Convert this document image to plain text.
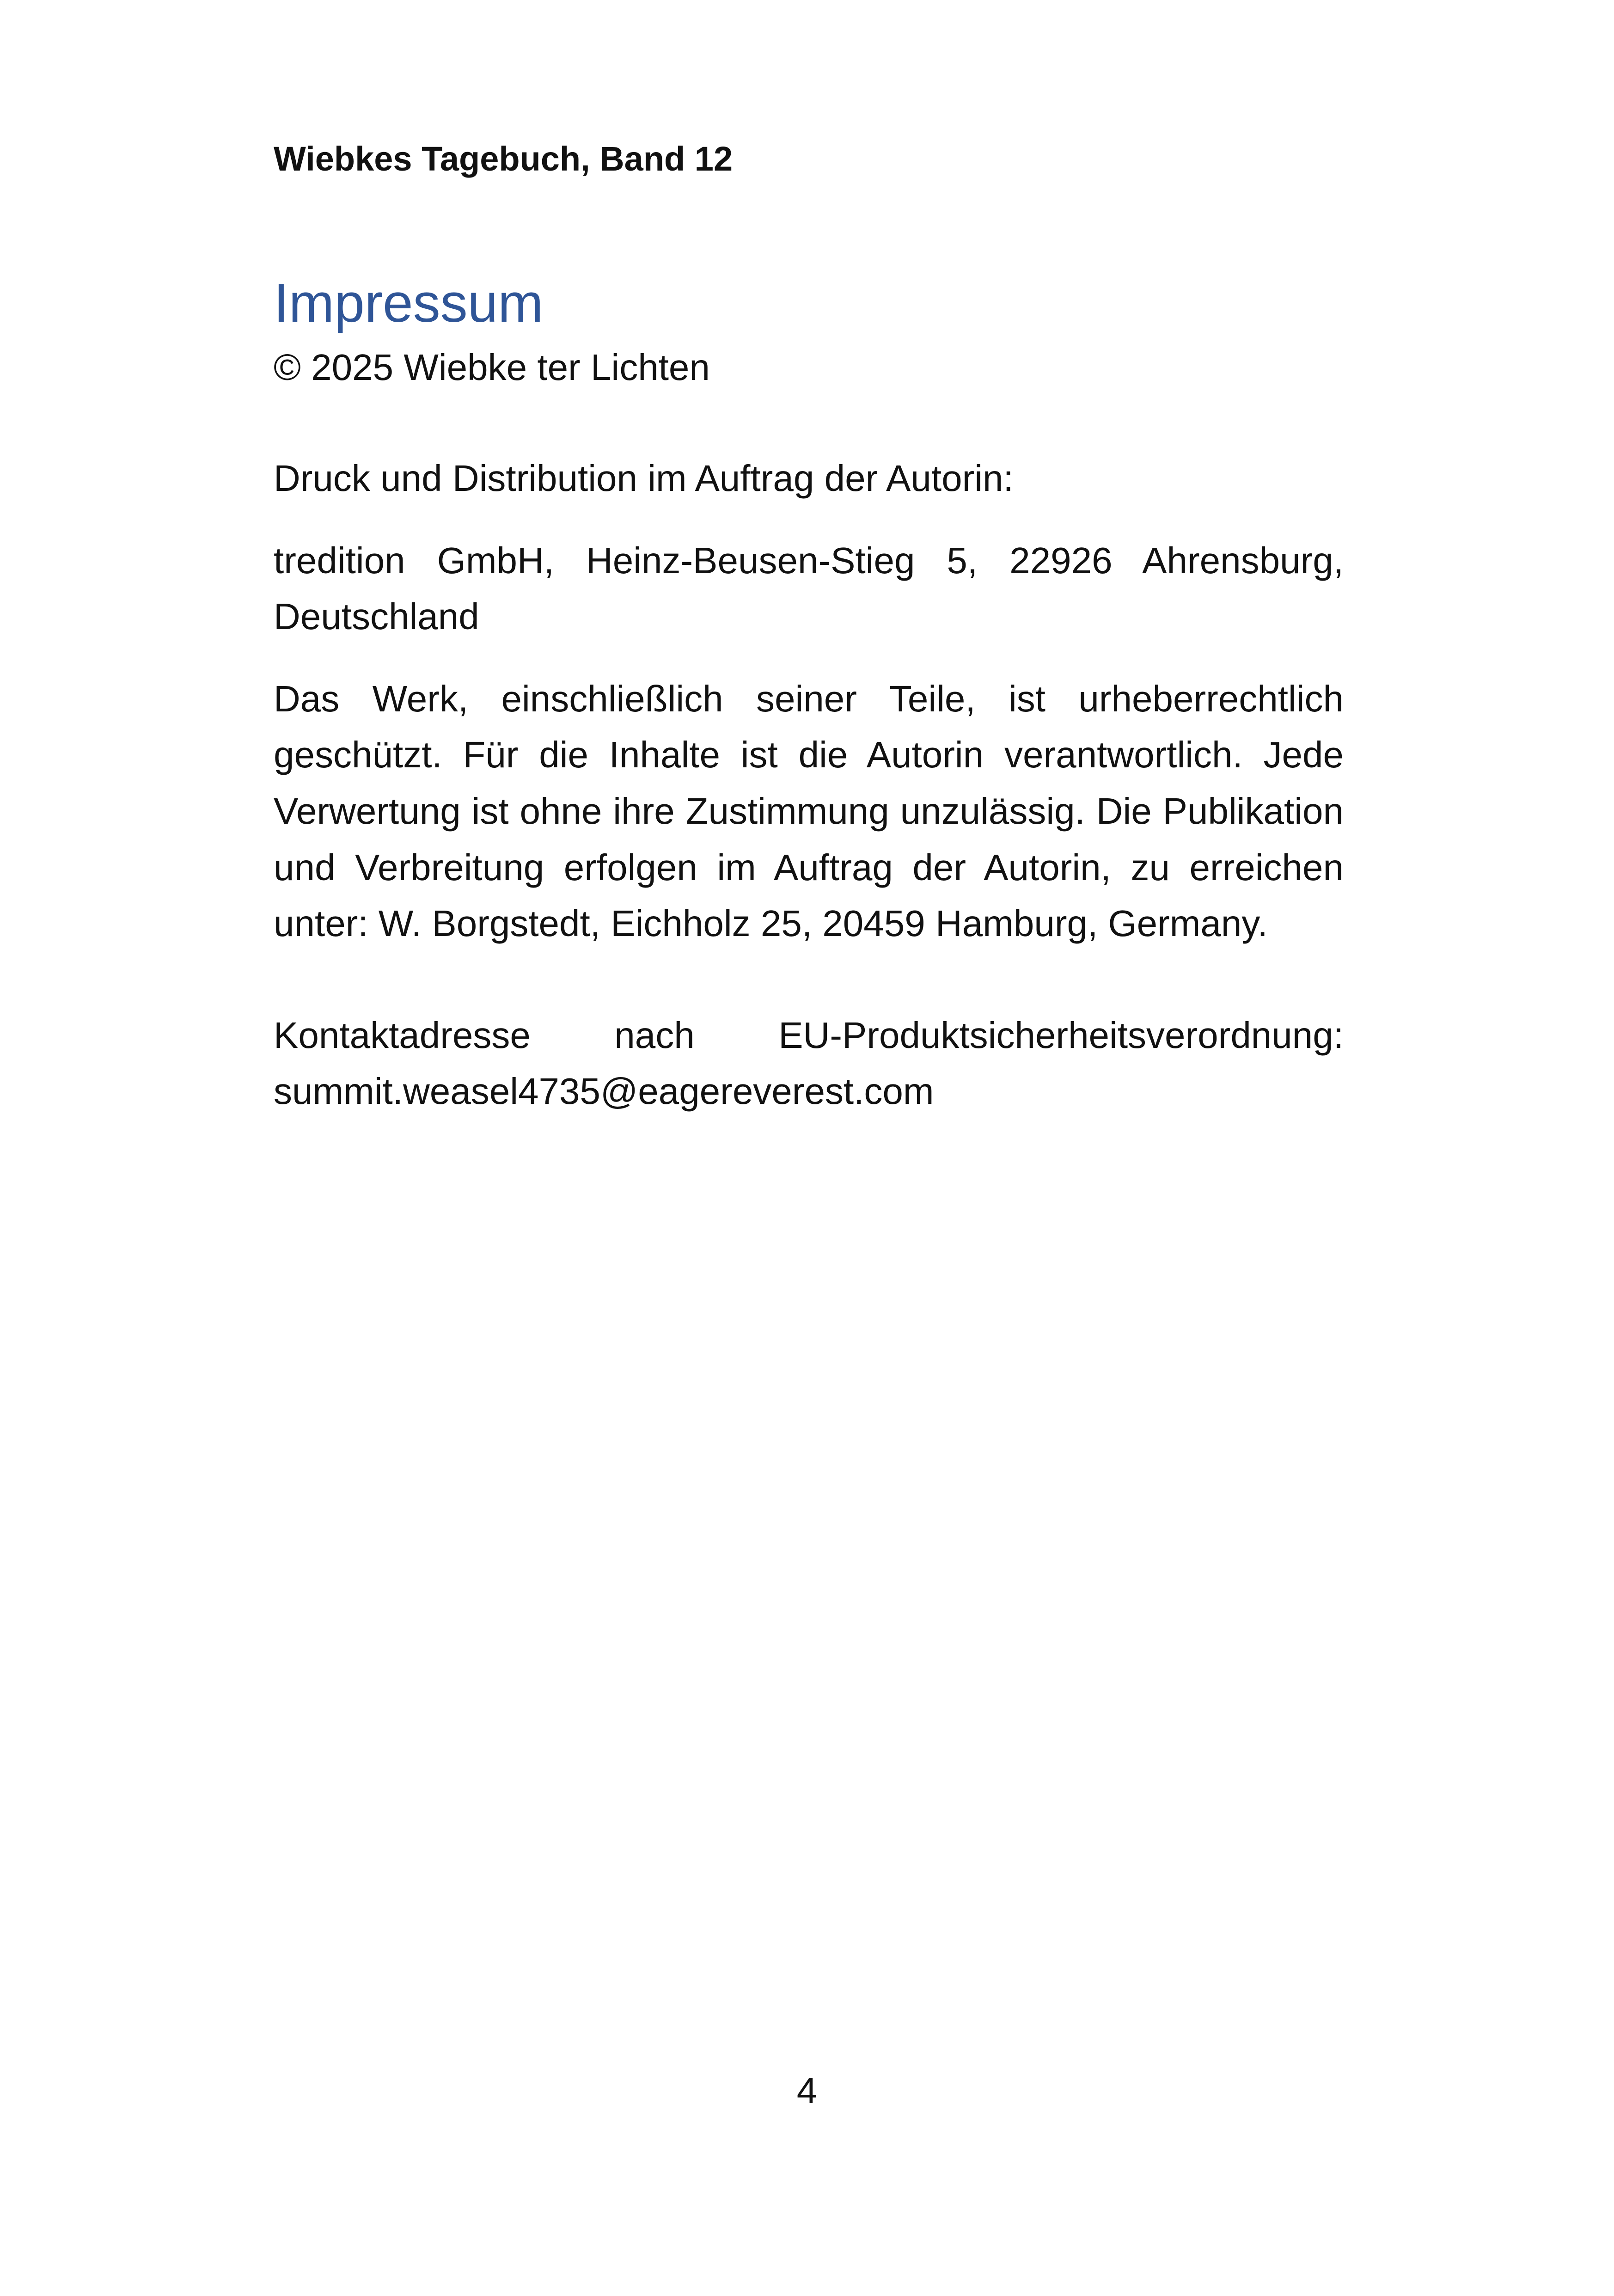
Wiebkes Tagebuch, Band 12

Impressum

© 2025 Wiebke ter Lichten

Druck und Distribution im Auftrag der Autorin:

tredition GmbH, Heinz-Beusen-Stieg 5, 22926 Ahrensburg, Deutschland

Das Werk, einschließlich seiner Teile, ist urheberrechtlich geschützt. Für die Inhalte ist die Autorin verantwortlich. Jede Verwertung ist ohne ihre Zustimmung unzulässig. Die Publikation und Verbreitung erfolgen im Auftrag der Autorin, zu erreichen unter: W. Borgstedt, Eichholz 25, 20459 Hamburg, Germany.

Kontaktadresse nach EU-Produktsicherheitsverordnung: summit.weasel4735@eagereverest.com

4
